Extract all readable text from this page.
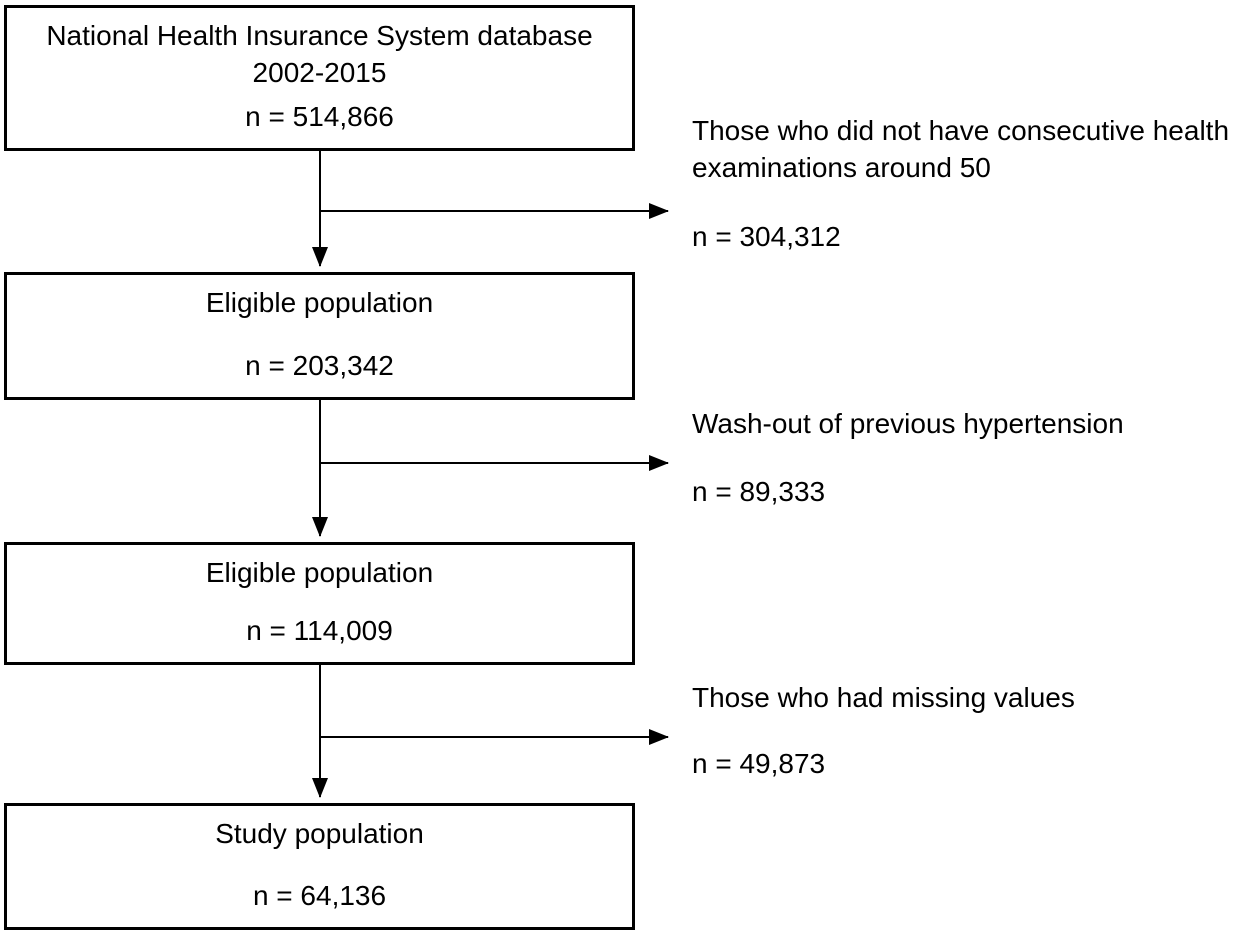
National Health Insurance System database
2002-2015
n = 514,866
Eligible population
n = 203,342
Eligible population
n = 114,009
Study population
n = 64,136
Those who did not have consecutive health
examinations around 50
n = 304,312
Wash-out of previous hypertension
n = 89,333
Those who had missing values
n = 49,873
